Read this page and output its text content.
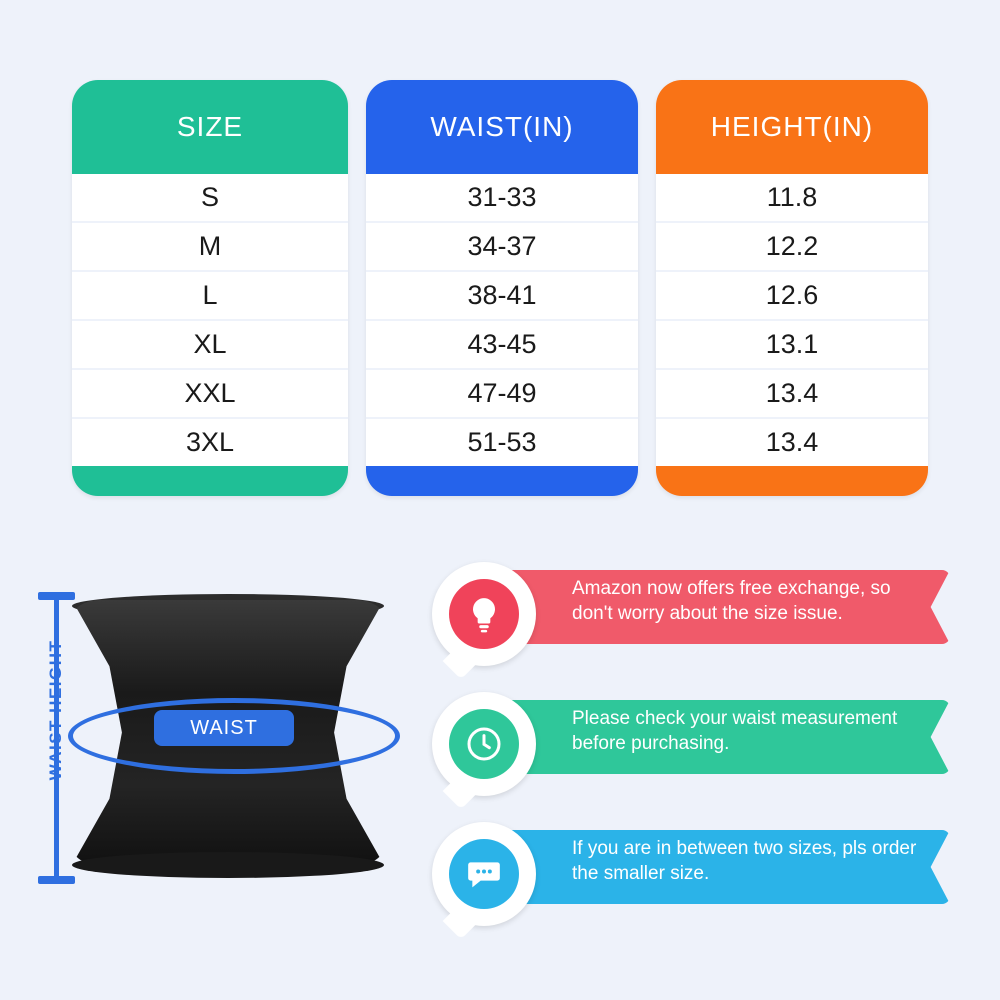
SIZE
S
M
L
XL
XXL
3XL
WAIST(IN)
31-33
34-37
38-41
43-45
47-49
51-53
HEIGHT(IN)
11.8
12.2
12.6
13.1
13.4
13.4
WAIST
WAIST HEIGHT
Amazon now offers free exchange, so don't worry about the size issue.
Please check your waist measurement before purchasing.
If you are in between two sizes, pls order the smaller size.
